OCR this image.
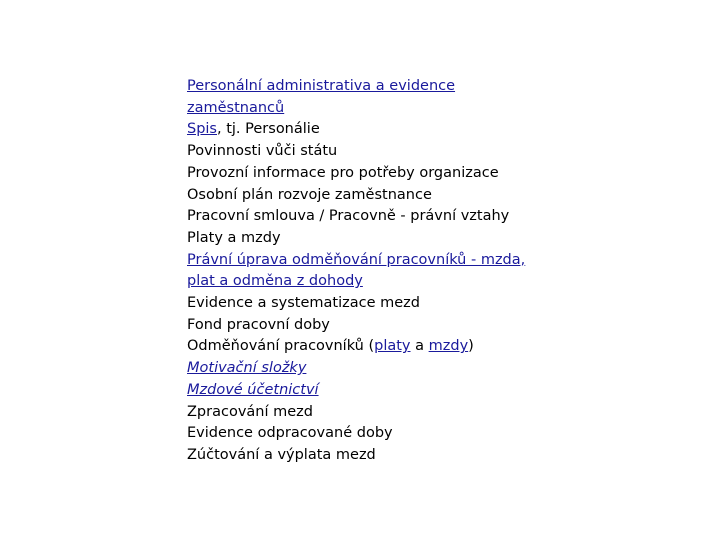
Personální administrativa a evidence
zaměstnanců
Spis, tj. Personálie
Povinnosti vůči státu
Provozní informace pro potřeby organizace
Osobní plán rozvoje zaměstnance
Pracovní smlouva / Pracovně - právní vztahy
Platy a mzdy
Právní úprava odměňování pracovníků - mzda,
plat a odměna z dohody
Evidence a systematizace mezd
Fond pracovní doby
Odměňování pracovníků (platy a mzdy)
Motivační složky
Mzdové účetnictví
Zpracování mezd
Evidence odpracované doby
Zúčtování a výplata mezd
